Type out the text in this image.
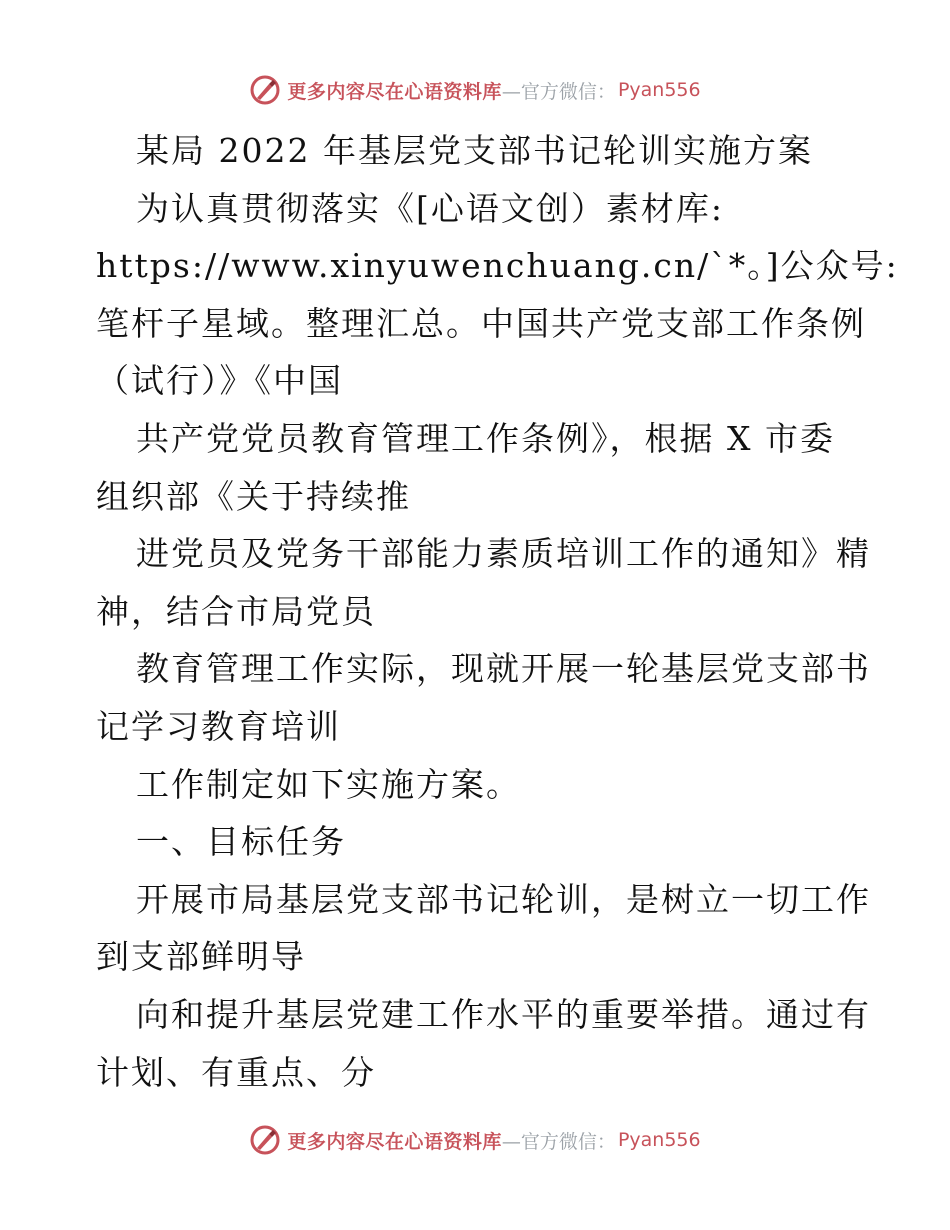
更多内容尽在心语资料库 —官方微信： Pyan556
某局 2022 年基层党支部书记轮训实施方案
为认真贯彻落实《[心语文创）素材库:
https://www.xinyuwenchuang.cn/`*。]公众号:
笔杆子星域。整理汇总。中国共产党支部工作条例
（试行）》《中国
共产党党员教育管理工作条例》，根据 X 市委
组织部《关于持续推
进党员及党务干部能力素质培训工作的通知》精
神，结合市局党员
教育管理工作实际，现就开展一轮基层党支部书
记学习教育培训
工作制定如下实施方案。
一、目标任务
开展市局基层党支部书记轮训，是树立一切工作
到支部鲜明导
向和提升基层党建工作水平的重要举措。通过有
计划、有重点、分
更多内容尽在心语资料库 —官方微信： Pyan556
